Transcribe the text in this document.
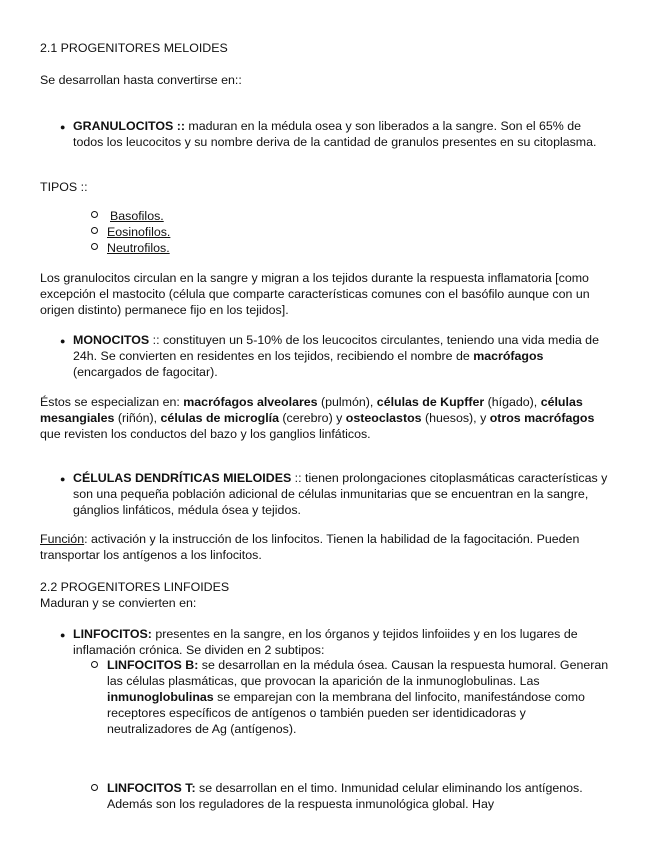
2.1 PROGENITORES MELOIDES

Se desarrollan hasta convertirse en::

● GRANULOCITOS :: maduran en la médula osea y son liberados a la sangre. Son el 65% de todos los leucocitos y su nombre deriva de la cantidad de granulos presentes en su citoplasma.

TIPOS ::

Basofilos.

Eosinofilos.

Neutrofilos.

Los granulocitos circulan en la sangre y migran a los tejidos durante la respuesta inflamatoria [como excepción el mastocito (célula que comparte características comunes con el basófilo aunque con un origen distinto) permanece fijo en los tejidos].

● MONOCITOS :: constituyen un 5-10% de los leucocitos circulantes, teniendo una vida media de 24h. Se convierten en residentes en los tejidos, recibiendo el nombre de macrófagos (encargados de fagocitar).

Éstos se especializan en: macrófagos alveolares (pulmón), células de Kupffer (hígado), células mesangiales (riñón), células de microglía (cerebro) y osteoclastos (huesos), y otros macrófagos que revisten los conductos del bazo y los ganglios linfáticos.

● CÉLULAS DENDRÍTICAS MIELOIDES :: tienen prolongaciones citoplasmáticas características y son una pequeña población adicional de células inmunitarias que se encuentran en la sangre, gánglios linfáticos, médula ósea y tejidos.

Función: activación y la instrucción de los linfocitos. Tienen la habilidad de la fagocitación. Pueden transportar los antígenos a los linfocitos.

2.2 PROGENITORES LINFOIDES

Maduran y se convierten en:

● LINFOCITOS: presentes en la sangre, en los órganos y tejidos linfoiides y en los lugares de inflamación crónica. Se dividen en 2 subtipos:

LINFOCITOS B: se desarrollan en la médula ósea. Causan la respuesta humoral. Generan las células plasmáticas, que provocan la aparición de la inmunoglobulinas. Las inmunoglobulinas se emparejan con la membrana del linfocito, manifestándose como receptores específicos de antígenos o también pueden ser identidicadoras y neutralizadores de Ag (antígenos).

LINFOCITOS T: se desarrollan en el timo. Inmunidad celular eliminando los antígenos. Además son los reguladores de la respuesta inmunológica global. Hay
